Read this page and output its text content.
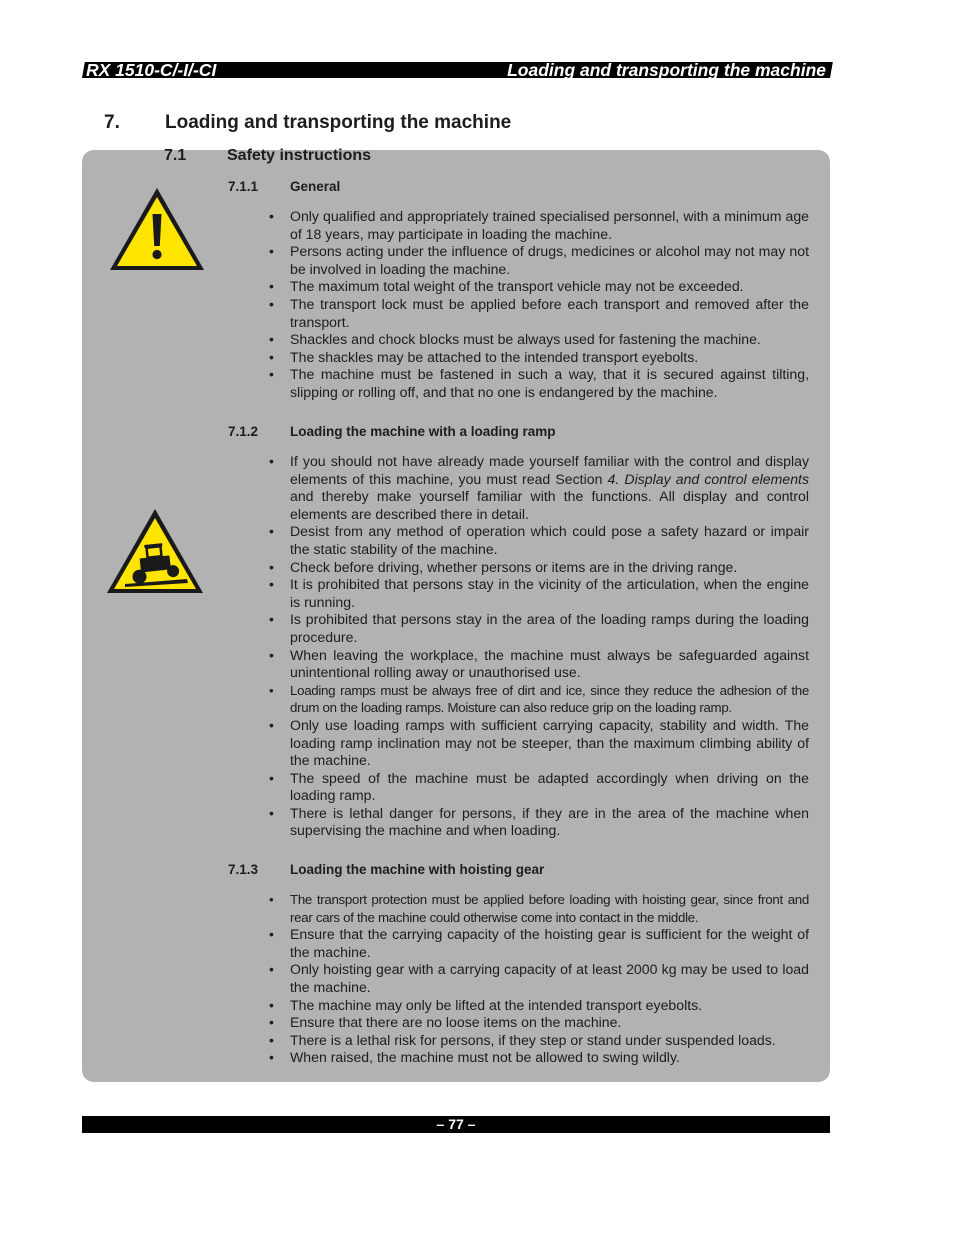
RX 1510-C/-I/-CI	Loading and transporting the machine
7. Loading and transporting the machine
7.1	Safety instructions
7.1.1 General
• Only qualified and appropriately trained specialised personnel, with a minimum age of 18 years, may participate in loading the machine.
• Persons acting under the influence of drugs, medicines or alcohol may not may not be involved in loading the machine.
• The maximum total weight of the transport vehicle may not be exceeded.
• The transport lock must be applied before each transport and removed after the transport.
• Shackles and chock blocks must be always used for fastening the machine.
• The shackles may be attached to the intended transport eyebolts.
• The machine must be fastened in such a way, that it is secured against tilting, slipping or rolling off, and that no one is endangered by the machine.
7.1.2 Loading the machine with a loading ramp
• If you should not have already made yourself familiar with the control and display elements of this machine, you must read Section 4. Display and control elements and thereby make yourself familiar with the functions. All display and control elements are described there in detail.
• Desist from any method of operation which could pose a safety hazard or impair the static stability of the machine.
• Check before driving, whether persons or items are in the driving range.
• It is prohibited that persons stay in the vicinity of the articulation, when the engine is running.
• Is prohibited that persons stay in the area of the loading ramps during the loading procedure.
• When leaving the workplace, the machine must always be safeguarded against unintentional rolling away or unauthorised use.
• Loading ramps must be always free of dirt and ice, since they reduce the adhesion of the drum on the loading ramps. Moisture can also reduce grip on the loading ramp.
• Only use loading ramps with sufficient carrying capacity, stability and width. The loading ramp inclination may not be steeper, than the maximum climbing ability of the machine.
• The speed of the machine must be adapted accordingly when driving on the loading ramp.
• There is lethal danger for persons, if they are in the area of the machine when supervising the machine and when loading.
7.1.3 Loading the machine with hoisting gear
• The transport protection must be applied before loading with hoisting gear, since front and rear cars of the machine could otherwise come into contact in the middle.
• Ensure that the carrying capacity of the hoisting gear is sufficient for the weight of the machine.
• Only hoisting gear with a carrying capacity of at least 2000 kg may be used to load the machine.
• The machine may only be lifted at the intended transport eyebolts.
• Ensure that there are no loose items on the machine.
• There is a lethal risk for persons, if they step or stand under suspended loads.
• When raised, the machine must not be allowed to swing wildly.
– 77 –
